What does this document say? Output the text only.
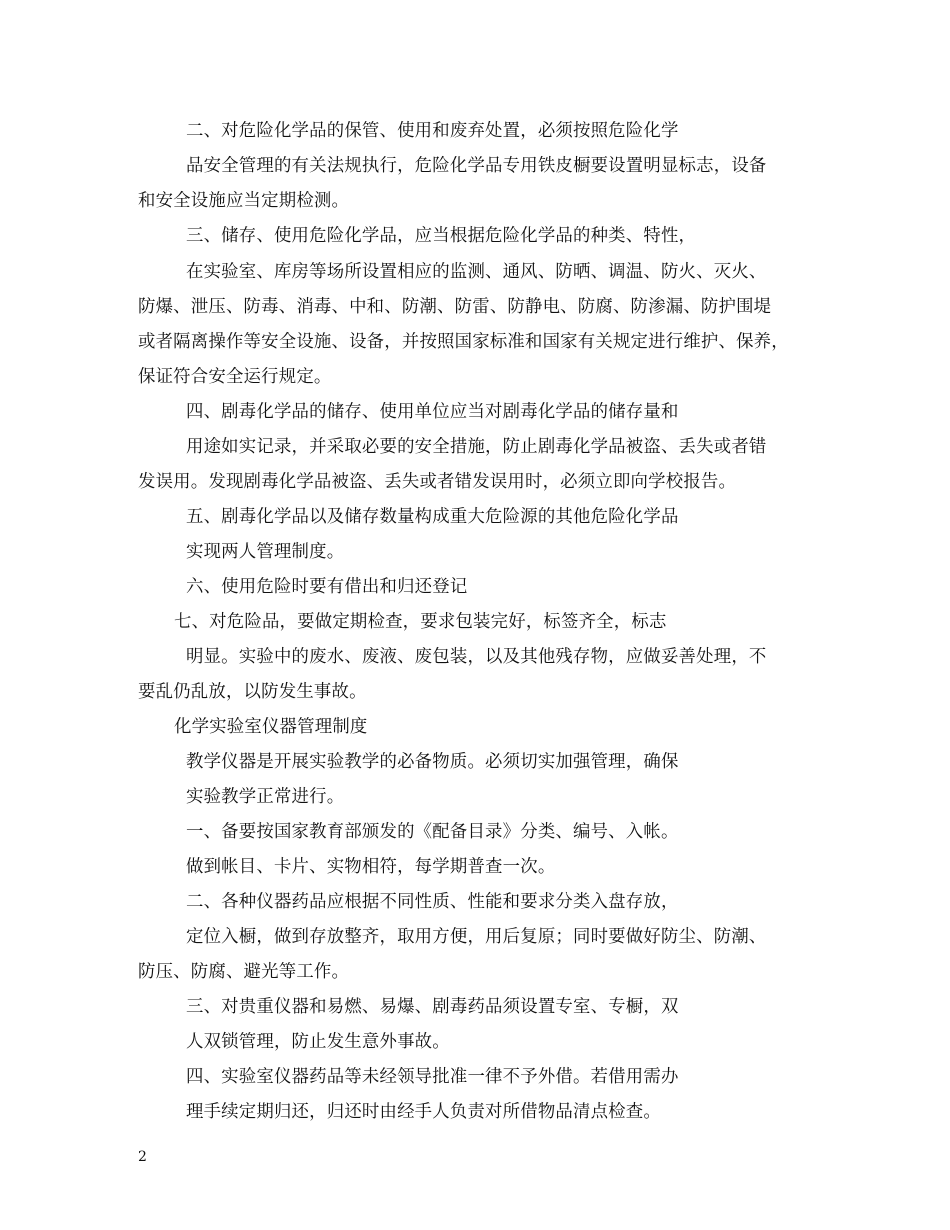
二、对危险化学品的保管、使用和废弃处置，必须按照危险化学
品安全管理的有关法规执行，危险化学品专用铁皮橱要设置明显标志，设备
和安全设施应当定期检测。
三、储存、使用危险化学品，应当根据危险化学品的种类、特性，
在实验室、库房等场所设置相应的监测、通风、防晒、调温、防火、灭火、
防爆、泄压、防毒、消毒、中和、防潮、防雷、防静电、防腐、防渗漏、防护围堤
或者隔离操作等安全设施、设备，并按照国家标准和国家有关规定进行维护、保养，
保证符合安全运行规定。
四、剧毒化学品的储存、使用单位应当对剧毒化学品的储存量和
用途如实记录，并采取必要的安全措施，防止剧毒化学品被盗、丢失或者错
发误用。发现剧毒化学品被盗、丢失或者错发误用时，必须立即向学校报告。
五、剧毒化学品以及储存数量构成重大危险源的其他危险化学品
实现两人管理制度。
六、使用危险时要有借出和归还登记
七、对危险品，要做定期检查，要求包装完好，标签齐全，标志
明显。实验中的废水、废液、废包装，以及其他残存物，应做妥善处理，不
要乱仍乱放，以防发生事故。
化学实验室仪器管理制度
教学仪器是开展实验教学的必备物质。必须切实加强管理，确保
实验教学正常进行。
一、备要按国家教育部颁发的《配备目录》分类、编号、入帐。
做到帐目、卡片、实物相符，每学期普查一次。
二、各种仪器药品应根据不同性质、性能和要求分类入盘存放，
定位入橱，做到存放整齐，取用方便，用后复原；同时要做好防尘、防潮、
防压、防腐、避光等工作。
三、对贵重仪器和易燃、易爆、剧毒药品须设置专室、专橱，双
人双锁管理，防止发生意外事故。
四、实验室仪器药品等未经领导批准一律不予外借。若借用需办
理手续定期归还，归还时由经手人负责对所借物品清点检查。
2
